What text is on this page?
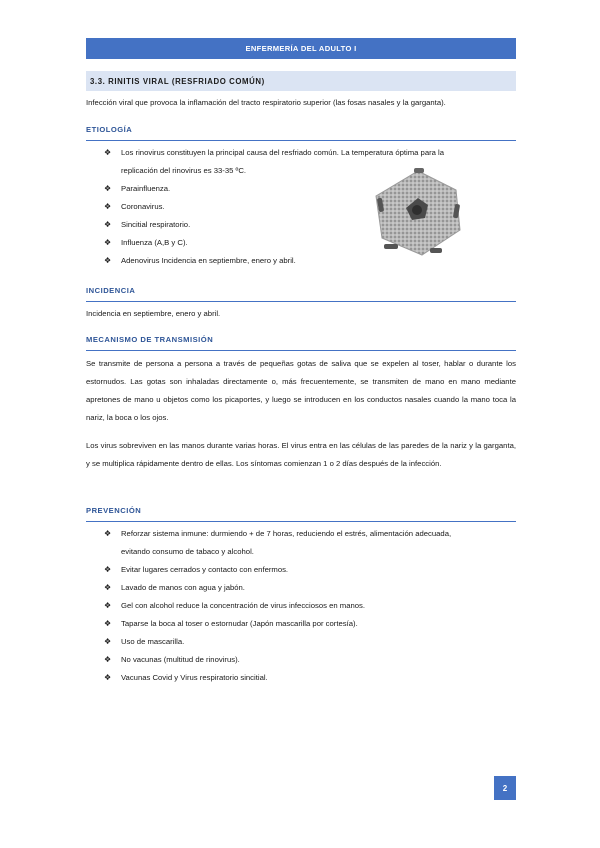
ENFERMERÍA DEL ADULTO I
3.3. RINITIS VIRAL (RESFRIADO COMÚN)
Infección viral que provoca la inflamación del tracto respiratorio superior (las fosas nasales y la garganta).
ETIOLOGÍA
❖ Los rinovirus constituyen la principal causa del resfriado común. La temperatura óptima para la
replicación del rinovirus es 33-35 ºC.
❖ Parainfluenza.
❖ Coronavirus.
❖ Sincitial respiratorio.
❖ Influenza (A,B y C).
❖ Adenovirus Incidencia en septiembre, enero y abril.
INCIDENCIA
Incidencia en septiembre, enero y abril.
MECANISMO DE TRANSMISIÓN
Se transmite de persona a persona a través de pequeñas gotas de saliva que se expelen al toser, hablar o durante los estornudos. Las gotas son inhaladas directamente o, más frecuentemente, se transmiten de mano en mano mediante apretones de mano u objetos como los picaportes, y luego se introducen en los conductos nasales cuando la mano toca la nariz, la boca o los ojos.
Los virus sobreviven en las manos durante varias horas. El virus entra en las células de las paredes de la nariz y la garganta, y se multiplica rápidamente dentro de ellas. Los síntomas comienzan 1 o 2 días después de la infección.
PREVENCIÓN
❖ Reforzar sistema inmune: durmiendo + de 7 horas, reduciendo el estrés, alimentación adecuada,
evitando consumo de tabaco y alcohol.
❖ Evitar lugares cerrados y contacto con enfermos.
❖ Lavado de manos con agua y jabón.
❖ Gel con alcohol reduce la concentración de virus infecciosos en manos.
❖ Taparse la boca al toser o estornudar (Japón mascarilla por cortesía).
❖ Uso de mascarilla.
❖ No vacunas (multitud de rinovirus).
❖ Vacunas Covid y Virus respiratorio sincitial.
2
